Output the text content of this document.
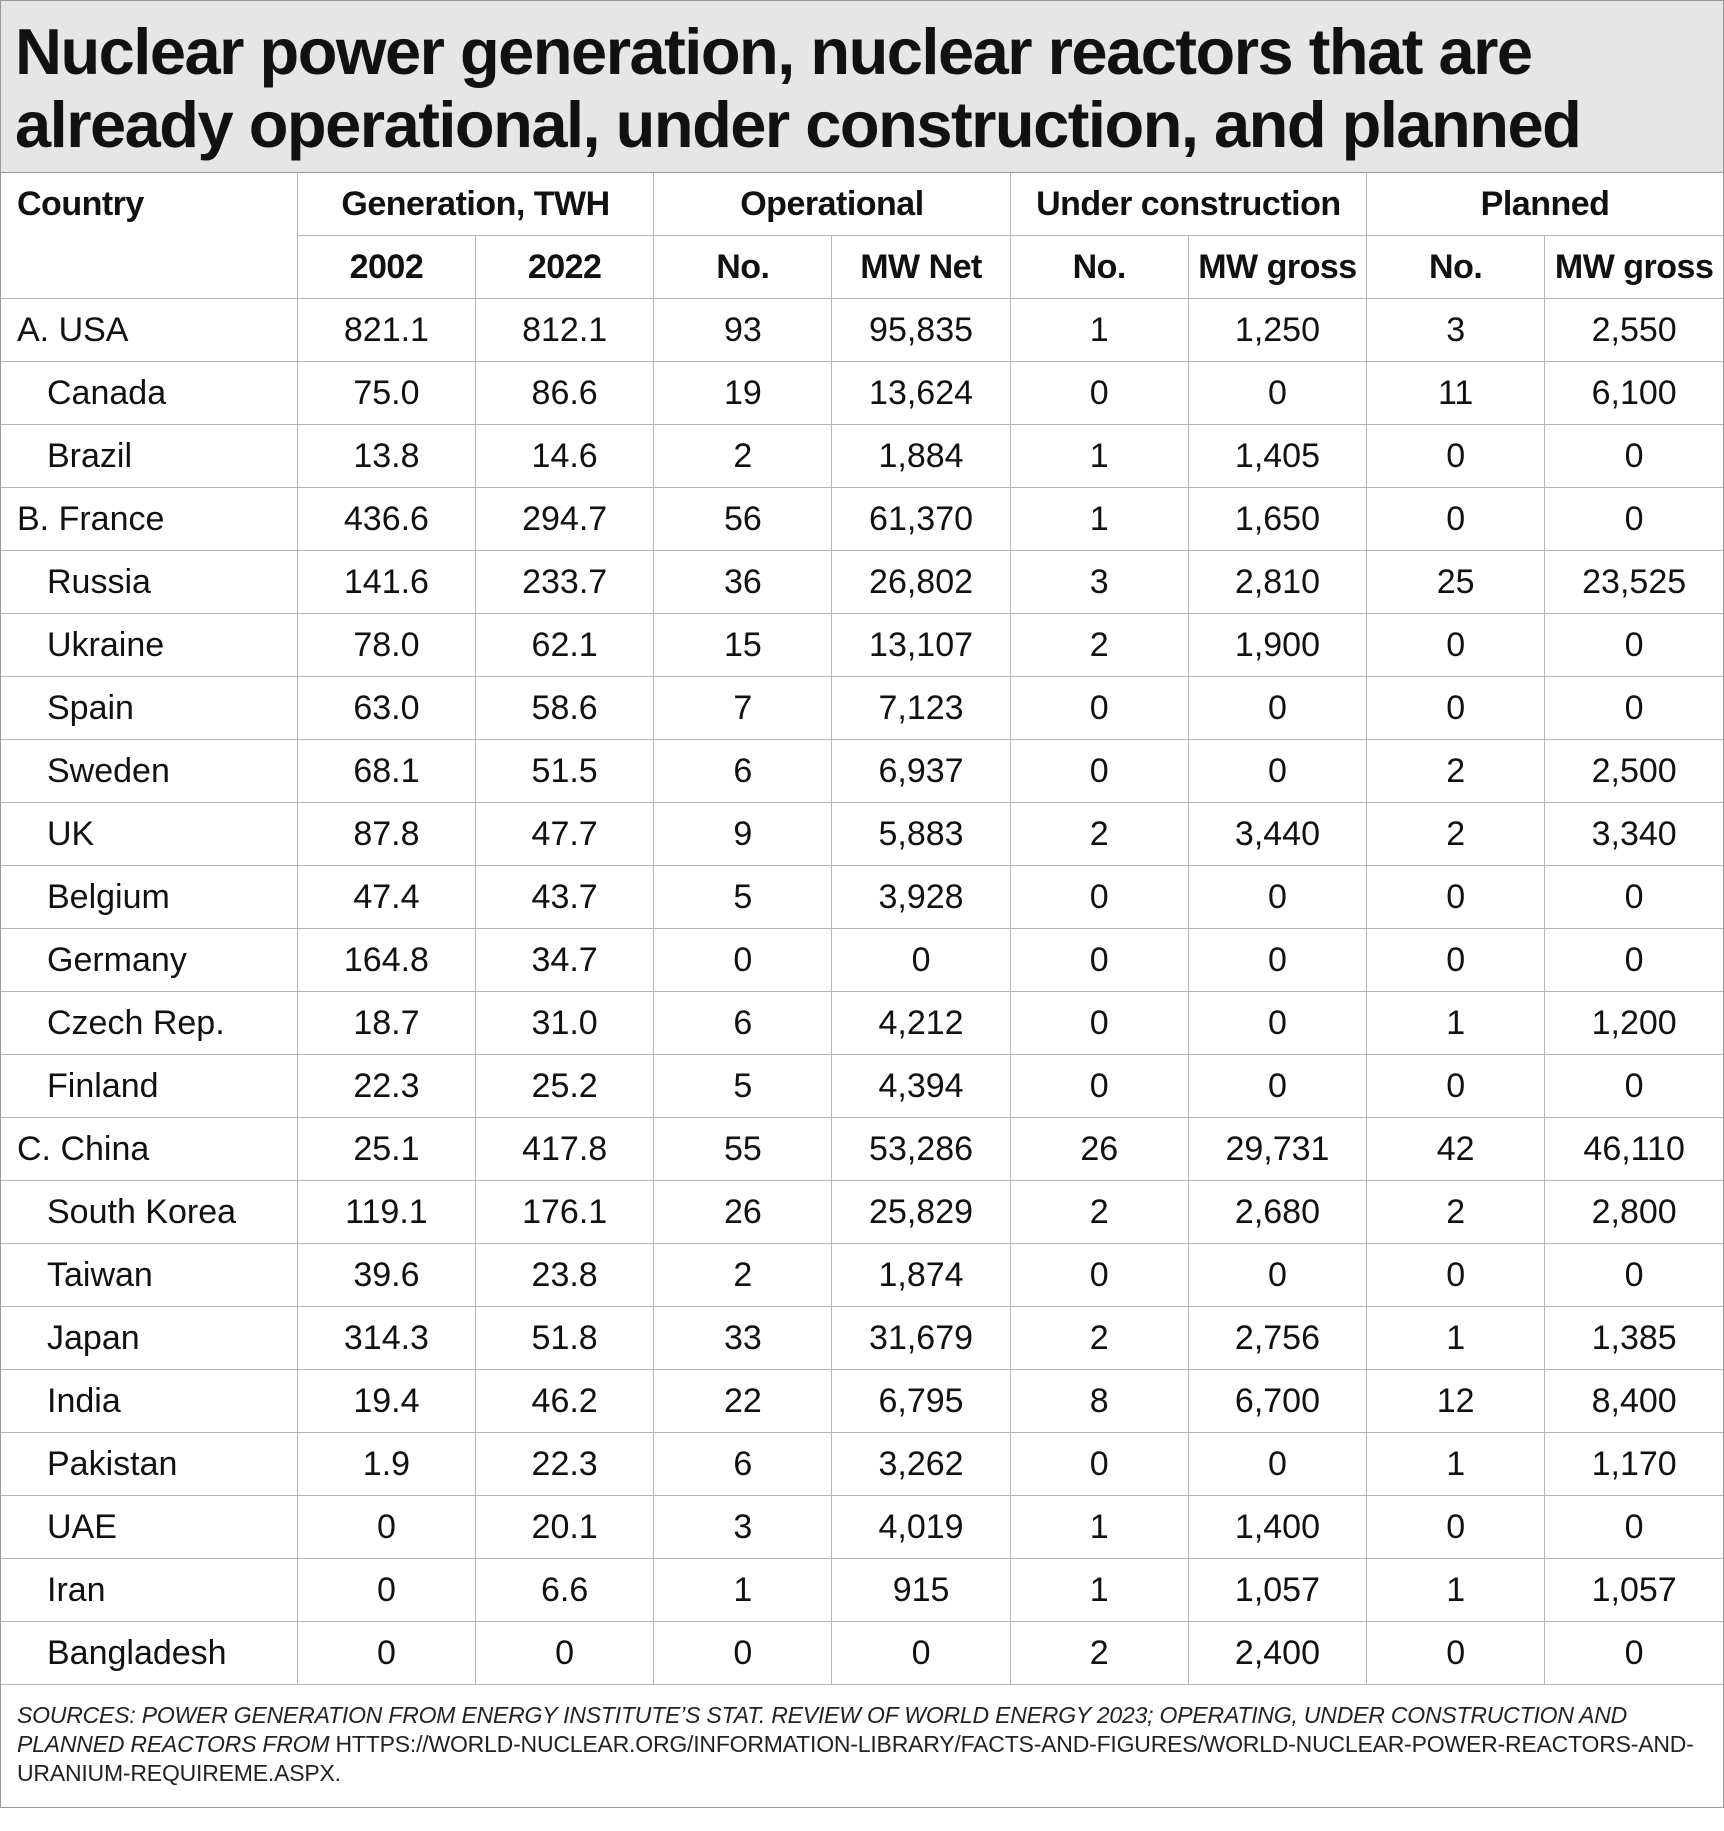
Nuclear power generation, nuclear reactors that are
already operational, under construction, and planned
Country	Generation, TWH		Operational		Under construction		Planned	
	2002	2022	No.	MW Net	No.	MW gross	No.	MW gross
A. USA	821.1	812.1	93	95,835	1	1,250	3	2,550
Canada	75.0	86.6	19	13,624	0	0	11	6,100
Brazil	13.8	14.6	2	1,884	1	1,405	0	0
B. France	436.6	294.7	56	61,370	1	1,650	0	0
Russia	141.6	233.7	36	26,802	3	2,810	25	23,525
Ukraine	78.0	62.1	15	13,107	2	1,900	0	0
Spain	63.0	58.6	7	7,123	0	0	0	0
Sweden	68.1	51.5	6	6,937	0	0	2	2,500
UK	87.8	47.7	9	5,883	2	3,440	2	3,340
Belgium	47.4	43.7	5	3,928	0	0	0	0
Germany	164.8	34.7	0	0	0	0	0	0
Czech Rep.	18.7	31.0	6	4,212	0	0	1	1,200
Finland	22.3	25.2	5	4,394	0	0	0	0
C. China	25.1	417.8	55	53,286	26	29,731	42	46,110
South Korea	119.1	176.1	26	25,829	2	2,680	2	2,800
Taiwan	39.6	23.8	2	1,874	0	0	0	0
Japan	314.3	51.8	33	31,679	2	2,756	1	1,385
India	19.4	46.2	22	6,795	8	6,700	12	8,400
Pakistan	1.9	22.3	6	3,262	0	0	1	1,170
UAE	0	20.1	3	4,019	1	1,400	0	0
Iran	0	6.6	1	915	1	1,057	1	1,057
Bangladesh	0	0	0	0	2	2,400	0	0
SOURCES: POWER GENERATION FROM ENERGY INSTITUTE’S STAT. REVIEW OF WORLD ENERGY 2023; OPERATING, UNDER CONSTRUCTION AND PLANNED REACTORS FROM HTTPS://WORLD-NUCLEAR.ORG/INFORMATION-LIBRARY/FACTS-AND-FIGURES/WORLD-NUCLEAR-POWER-REACTORS-AND-URANIUM-REQUIREME.ASPX.
